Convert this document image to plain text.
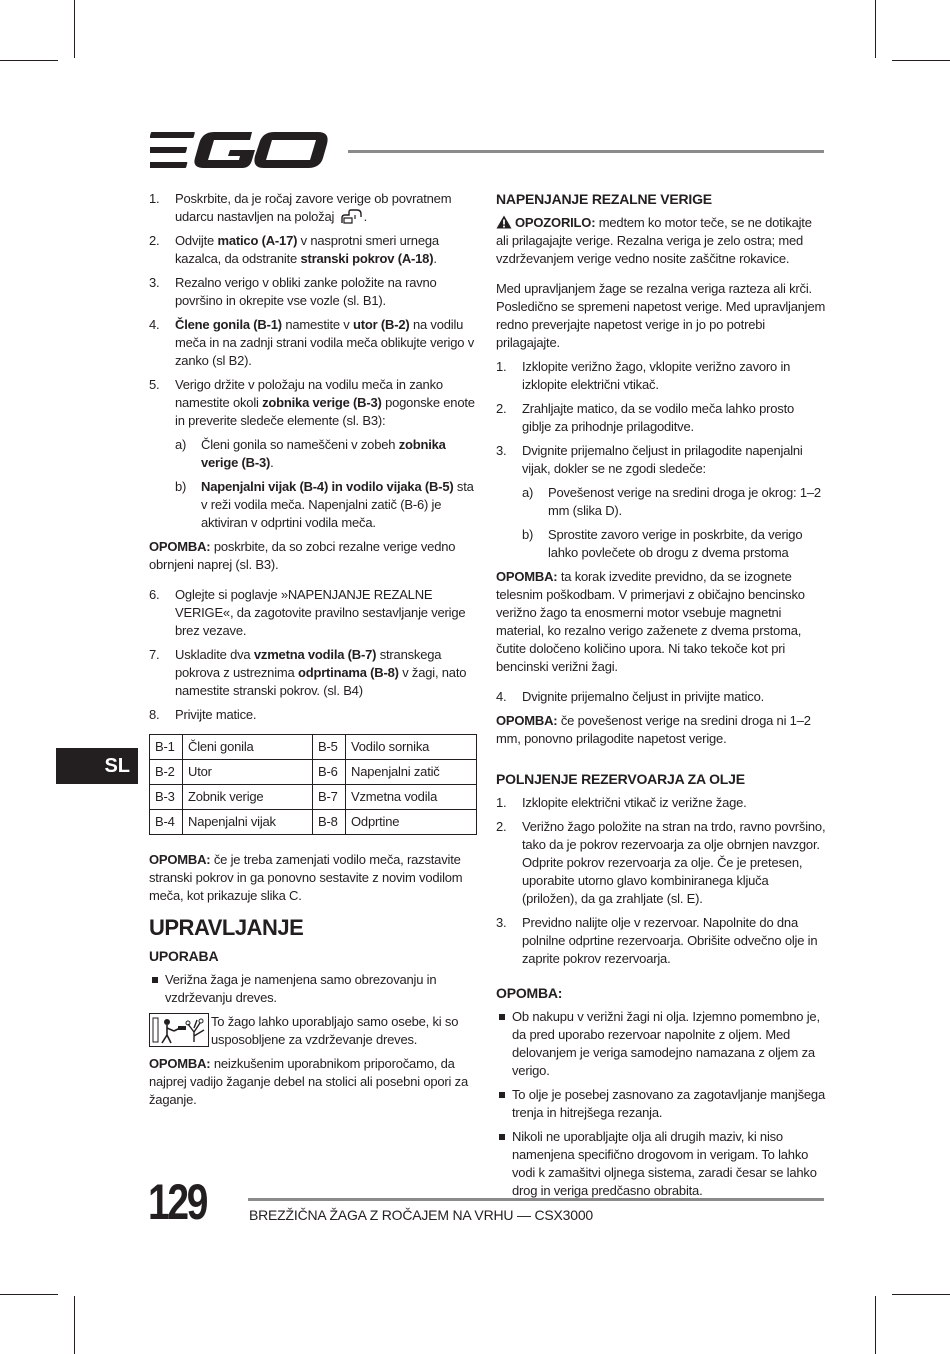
SL
1. Poskrbite, da je ročaj zavore verige ob povratnem udarcu nastavljen na položaj .
2. Odvijte matico (A-17) v nasprotni smeri urnega kazalca, da odstranite stranski pokrov (A-18).
3. Rezalno verigo v obliki zanke položite na ravno površino in okrepite vse vozle (sl. B1).
4. Člene gonila (B-1) namestite v utor (B-2) na vodilu meča in na zadnji strani vodila meča oblikujte verigo v zanko (sl B2).
5. Verigo držite v položaju na vodilu meča in zanko namestite okoli zobnika verige (B-3) pogonske enote in preverite sledeče elemente (sl. B3):
a) Členi gonila so nameščeni v zobeh zobnika verige (B-3).
b) Napenjalni vijak (B-4) in vodilo vijaka (B-5) sta v reži vodila meča. Napenjalni zatič (B-6) je aktiviran v odprtini vodila meča.

OPOMBA: poskrbite, da so zobci rezalne verige vedno obrnjeni naprej (sl. B3).

6. Oglejte si poglavje »NAPENJANJE REZALNE VERIGE«, da zagotovite pravilno sestavljanje verige brez vezave.
7. Uskladite dva vzmetna vodila (B-7) stranskega pokrova z ustreznima odprtinama (B-8) v žagi, nato namestite stranski pokrov. (sl. B4)
8. Privijte matice.
B-1	Členi gonila	B-5	Vodilo sornika
B-2	Utor	B-6	Napenjalni zatič
B-3	Zobnik verige	B-7	Vzmetna vodila
B-4	Napenjalni vijak	B-8	Odprtine

OPOMBA: če je treba zamenjati vodilo meča, razstavite stranski pokrov in ga ponovno sestavite z novim vodilom meča, kot prikazuje slika C.

UPRAVLJANJE
UPORABA
Verižna žaga je namenjena samo obrezovanju in vzdrževanju dreves.
To žago lahko uporabljajo samo osebe, ki so usposobljene za vzdrževanje dreves.

OPOMBA: neizkušenim uporabnikom priporočamo, da najprej vadijo žaganje debel na stolici ali posebni opori za žaganje.

NAPENJANJE REZALNE VERIGE

OPOZORILO: medtem ko motor teče, se ne dotikajte ali prilagajajte verige. Rezalna veriga je zelo ostra; med vzdrževanjem verige vedno nosite zaščitne rokavice.

Med upravljanjem žage se rezalna veriga razteza ali krči. Posledično se spremeni napetost verige. Med upravljanjem redno preverjajte napetost verige in jo po potrebi prilagajajte.

1. Izklopite verižno žago, vklopite verižno zavoro in izklopite električni vtikač.
2. Zrahljajte matico, da se vodilo meča lahko prosto giblje za prihodnje prilagoditve.
3. Dvignite prijemalno čeljust in prilagodite napenjalni vijak, dokler se ne zgodi sledeče:
a) Povešenost verige na sredini droga je okrog: 1–2 mm (slika D).
b) Sprostite zavoro verige in poskrbite, da verigo lahko povlečete ob drogu z dvema prstoma

OPOMBA: ta korak izvedite previdno, da se izognete telesnim poškodbam. V primerjavi z običajno bencinsko verižno žago ta enosmerni motor vsebuje magnetni material, ko rezalno verigo zaženete z dvema prstoma, čutite določeno količino upora. Ni tako tekoče kot pri bencinski verižni žagi.

4. Dvignite prijemalno čeljust in privijte matico.

OPOMBA: če povešenost verige na sredini droga ni 1–2 mm, ponovno prilagodite napetost verige.

POLNJENJE REZERVOARJA ZA OLJE
1. Izklopite električni vtikač iz verižne žage.
2. Verižno žago položite na stran na trdo, ravno površino, tako da je pokrov rezervoarja za olje obrnjen navzgor. Odprite pokrov rezervoarja za olje. Če je pretesen, uporabite utorno glavo kombiniranega ključa (priložen), da ga zrahljate (sl. E).
3. Previdno nalijte olje v rezervoar. Napolnite do dna polnilne odprtine rezervoarja. Obrišite odvečno olje in zaprite pokrov rezervoarja.
OPOMBA:
Ob nakupu v verižni žagi ni olja. Izjemno pomembno je, da pred uporabo rezervoar napolnite z oljem. Med delovanjem je veriga samodejno namazana z oljem za verigo.
To olje je posebej zasnovano za zagotavljanje manjšega trenja in hitrejšega rezanja.
Nikoli ne uporabljajte olja ali drugih maziv, ki niso namenjena specifično drogovom in verigam. To lahko vodi k zamašitvi oljnega sistema, zaradi česar se lahko drog in veriga predčasno obrabita.
129	BREZŽIČNA ŽAGA Z ROČAJEM NA VRHU — CSX3000
